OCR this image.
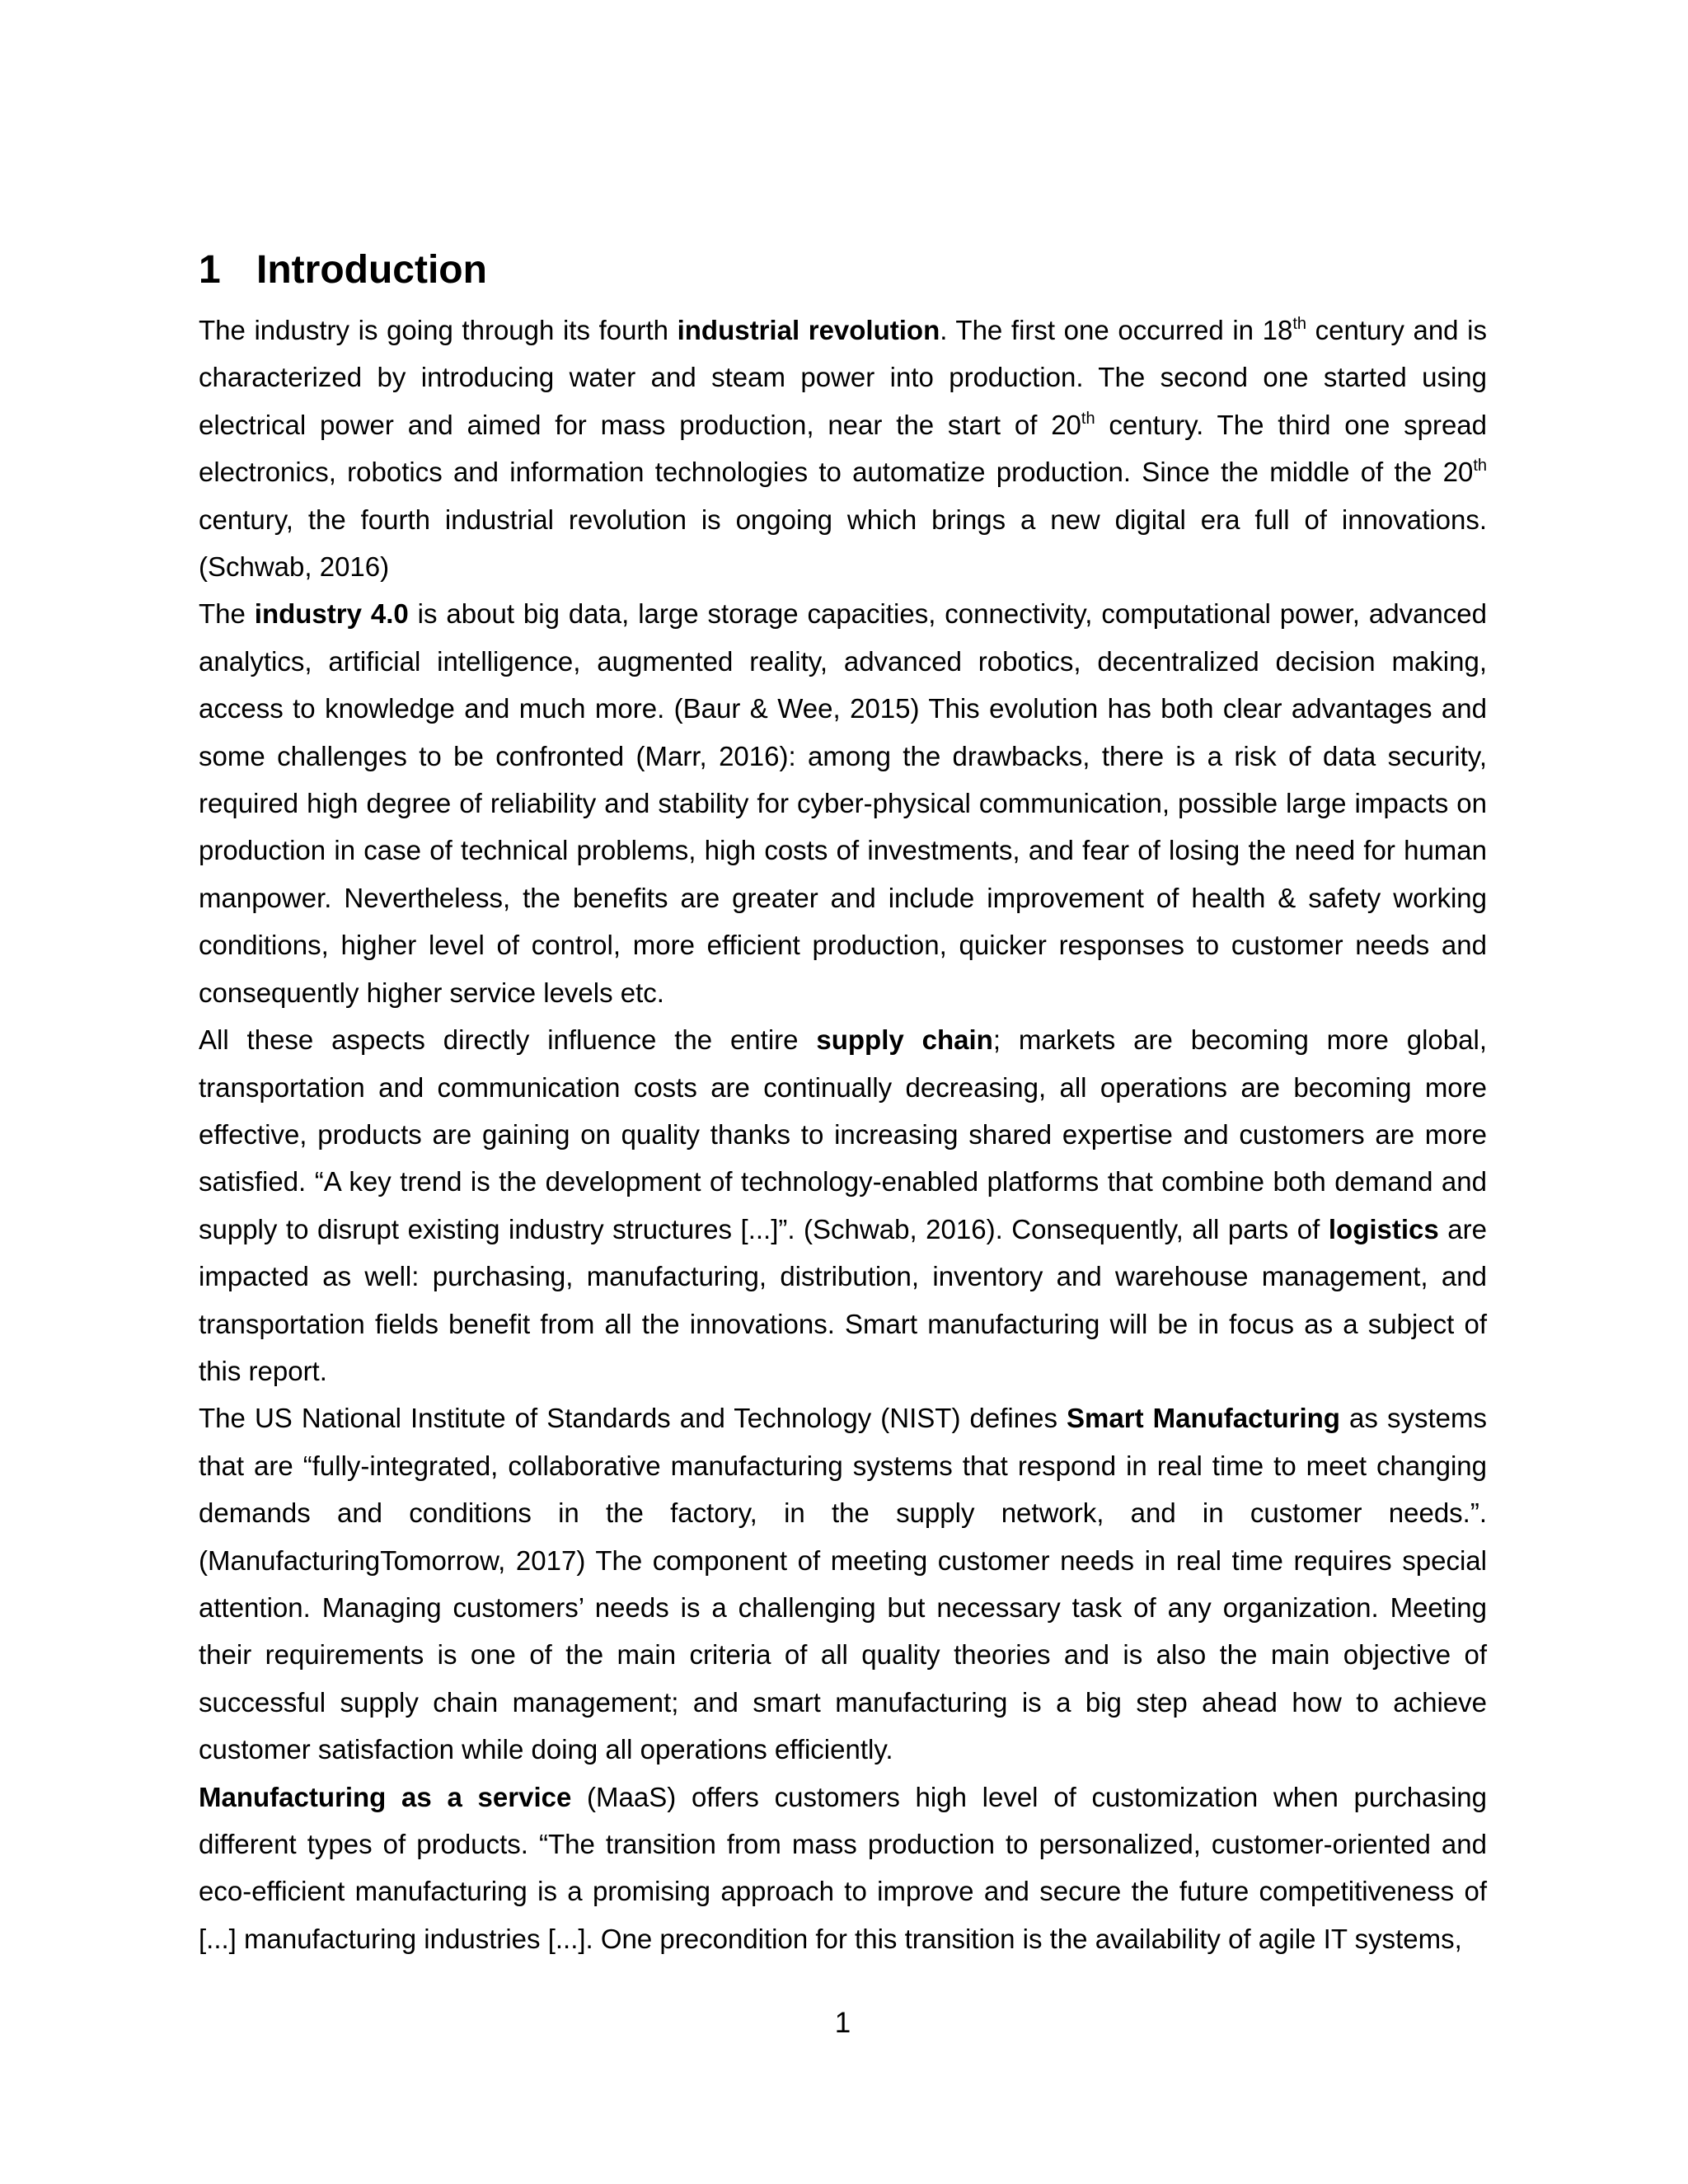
1 Introduction

The industry is going through its fourth industrial revolution. The first one occurred in 18th century and is characterized by introducing water and steam power into production. The second one started using electrical power and aimed for mass production, near the start of 20th century. The third one spread electronics, robotics and information technologies to automatize production. Since the middle of the 20th century, the fourth industrial revolution is ongoing which brings a new digital era full of innovations. (Schwab, 2016)

The industry 4.0 is about big data, large storage capacities, connectivity, computational power, advanced analytics, artificial intelligence, augmented reality, advanced robotics, decentralized decision making, access to knowledge and much more. (Baur & Wee, 2015) This evolution has both clear advantages and some challenges to be confronted (Marr, 2016): among the drawbacks, there is a risk of data security, required high degree of reliability and stability for cyber-physical communication, possible large impacts on production in case of technical problems, high costs of investments, and fear of losing the need for human manpower. Nevertheless, the benefits are greater and include improvement of health & safety working conditions, higher level of control, more efficient production, quicker responses to customer needs and consequently higher service levels etc.

All these aspects directly influence the entire supply chain; markets are becoming more global, transportation and communication costs are continually decreasing, all operations are becoming more effective, products are gaining on quality thanks to increasing shared expertise and customers are more satisfied. “A key trend is the development of technology-enabled platforms that combine both demand and supply to disrupt existing industry structures [...]”. (Schwab, 2016). Consequently, all parts of logistics are impacted as well: purchasing, manufacturing, distribution, inventory and warehouse management, and transportation fields benefit from all the innovations. Smart manufacturing will be in focus as a subject of this report.

The US National Institute of Standards and Technology (NIST) defines Smart Manufacturing as systems that are “fully-integrated, collaborative manufacturing systems that respond in real time to meet changing demands and conditions in the factory, in the supply network, and in customer needs.”. (ManufacturingTomorrow, 2017) The component of meeting customer needs in real time requires special attention. Managing customers’ needs is a challenging but necessary task of any organization. Meeting their requirements is one of the main criteria of all quality theories and is also the main objective of successful supply chain management; and smart manufacturing is a big step ahead how to achieve customer satisfaction while doing all operations efficiently.

Manufacturing as a service (MaaS) offers customers high level of customization when purchasing different types of products. “The transition from mass production to personalized, customer-oriented and eco-efficient manufacturing is a promising approach to improve and secure the future competitiveness of [...] manufacturing industries [...]. One precondition for this transition is the availability of agile IT systems,

1
